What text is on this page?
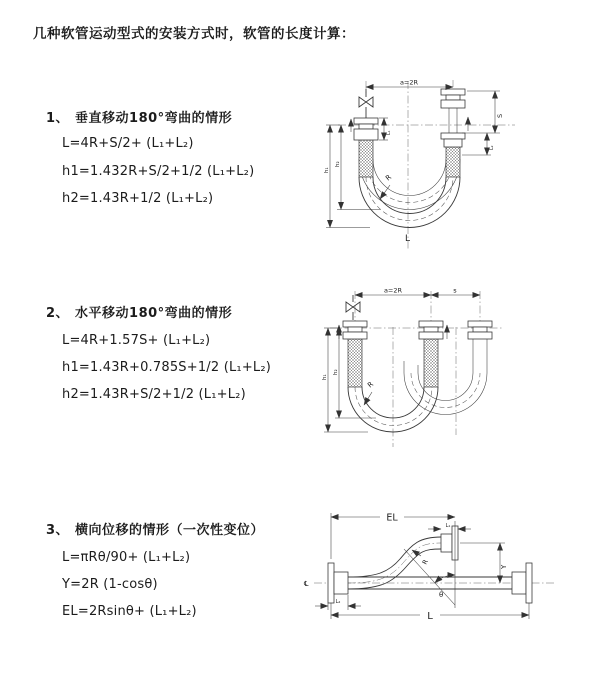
几种软管运动型式的安装方式时，软管的长度计算：
1、 垂直移动180°弯曲的情形
L=4R+S/2+ (L₁+L₂)
h1=1.432R+S/2+1/2 (L₁+L₂)
h2=1.43R+1/2 (L₁+L₂)
2、 水平移动180°弯曲的情形
L=4R+1.57S+ (L₁+L₂)
h1=1.43R+0.785S+1/2 (L₁+L₂)
h2=1.43R+S/2+1/2 (L₁+L₂)
3、 横向位移的情形（一次性变位）
L=πRθ/90+ (L₁+L₂)
Y=2R (1-cosθ)
EL=2Rsinθ+ (L₁+L₂)
a=2R
S
L₂
L₁
h₁
h₂
R
L
a=2R	s
h₁
h₂
R
℄
θ
EL
L₁
Y
L₂
L
R
